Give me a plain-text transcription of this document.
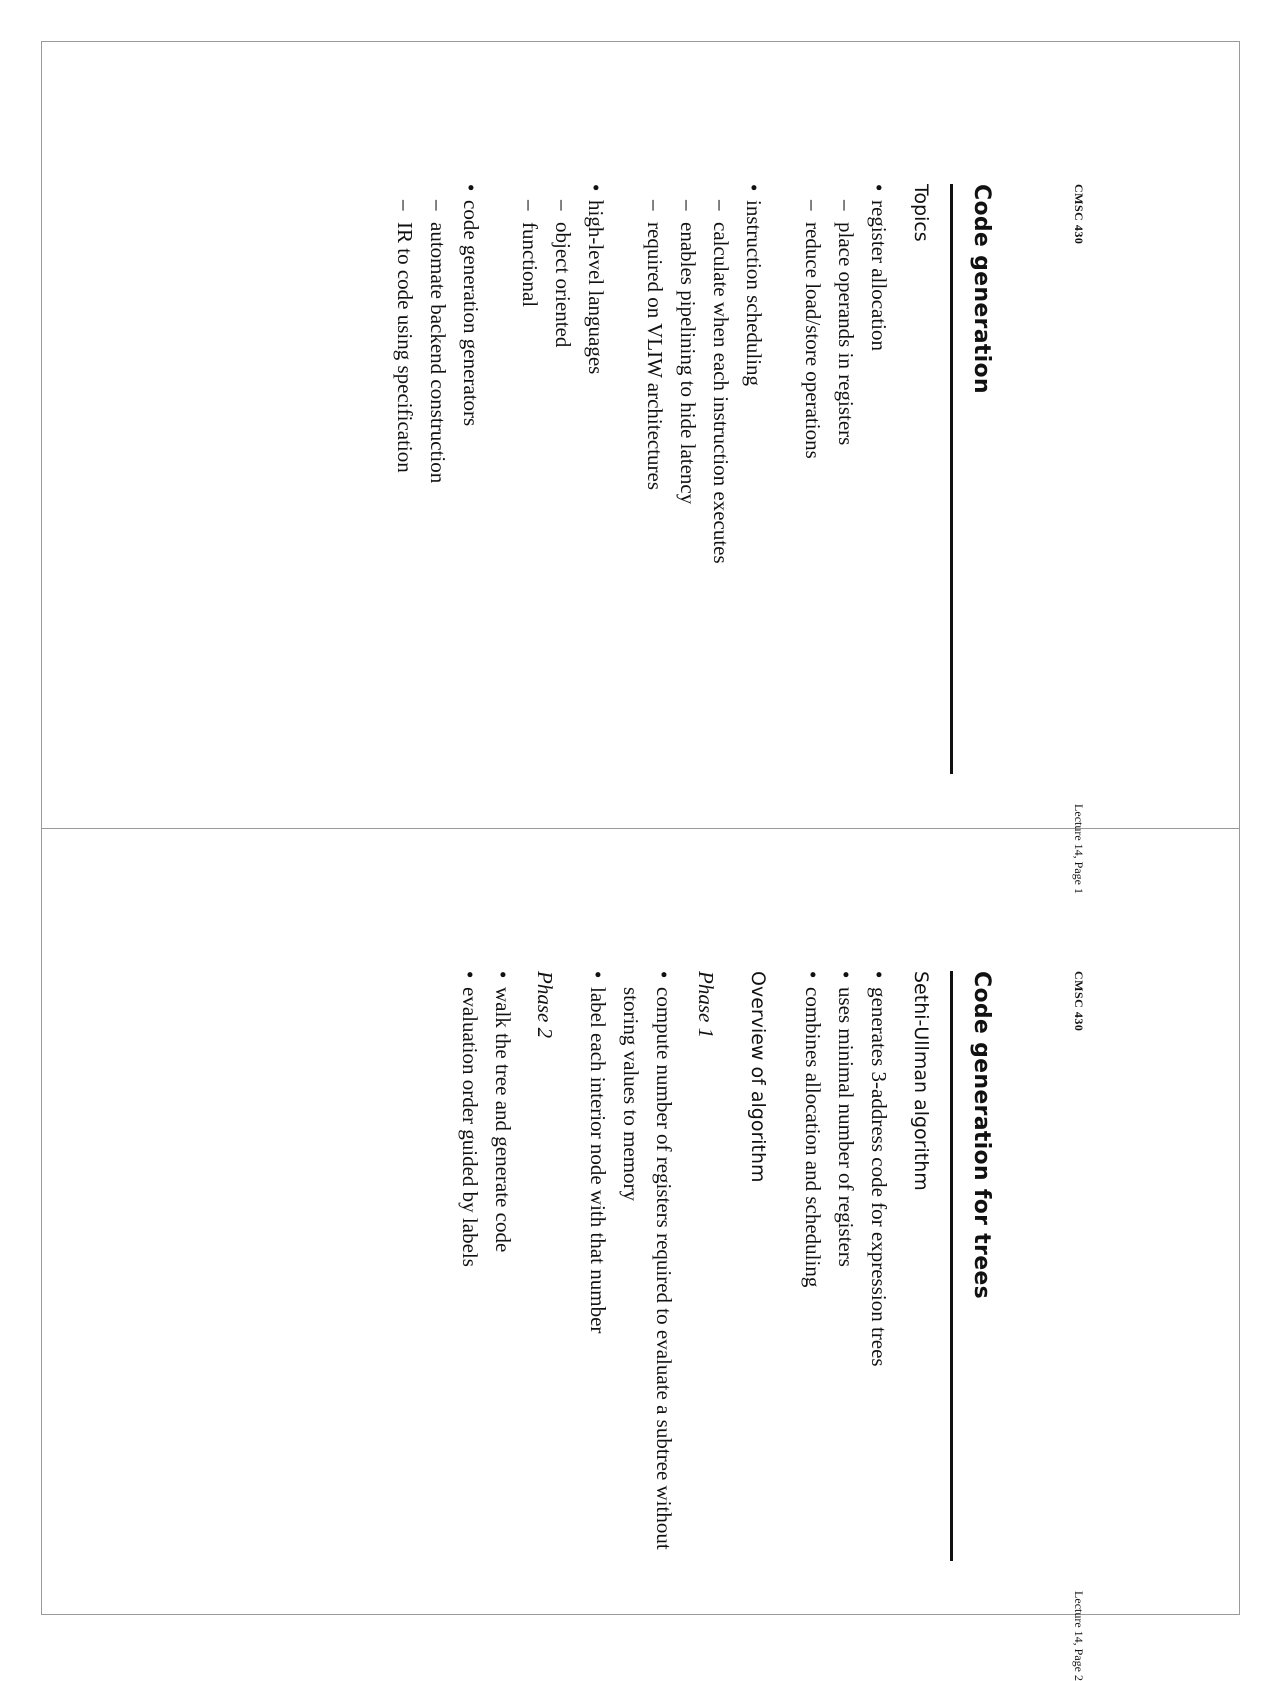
Code generation
Topics
• register allocation
– place operands in registers
– reduce load/store operations
• instruction scheduling
– calculate when each instruction executes
– enables pipelining to hide latency
– required on VLIW architectures
• high-level languages
– object oriented
– functional
• code generation generators
– automate backend construction
– IR to code using specification
CMSC 430
Lecture 14, Page 1
Code generation for trees
Sethi-Ullman algorithm
• generates 3-address code for expression trees
• uses minimal number of registers
• combines allocation and scheduling
Overview of algorithm
Phase 1
• compute number of registers required to evaluate a subtree without storing values to memory
• label each interior node with that number
Phase 2
• walk the tree and generate code
• evaluation order guided by labels	CMSC 430
Lecture 14, Page 2
